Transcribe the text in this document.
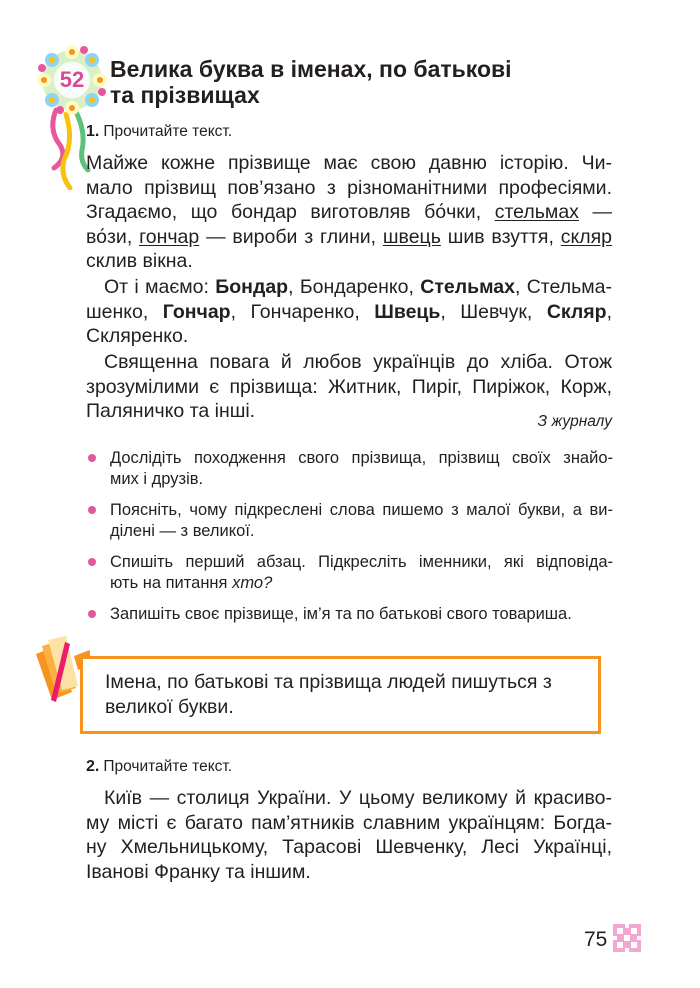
52 Велика буква в іменах, по батькові
та прізвищах
1. Прочитайте текст.
Майже кожне прізвище має свою давню історію. Чи-
мало прізвищ пов’язано з різноманітними професіями.
Згадаємо, що бондар виготовляв бо́чки, стельмах —
во́зи, гончар — вироби з глини, швець шив взуття, скляр
склив вікна.
От і маємо: Бондар, Бондаренко, Стельмах, Стельма-
шенко, Гончар, Гончаренко, Швець, Шевчук, Скляр,
Скляренко.
Священна повага й любов українців до хліба. Отож
зрозумілими є прізвища: Житник, Пиріг, Пиріжок, Корж,
Паляничко та інші.	З журналу
Дослідіть походження свого прізвища, прізвищ своїх знайо-
мих і друзів.
Поясніть, чому підкреслені слова пишемо з малої букви, а ви-
ділені — з великої.
Спишіть перший абзац. Підкресліть іменники, які відповіда-
ють на питання хто?
Запишіть своє прізвище, ім’я та по батькові свого товариша.
Імена, по батькові та прізвища людей пишуться з
великої букви.
2. Прочитайте текст.
Київ — столиця України. У цьому великому й красиво-
му місті є багато пам’ятників славним українцям: Богда-
ну Хмельницькому, Тарасові Шевченку, Лесі Українці,
Іванові Франку та іншим.
75
